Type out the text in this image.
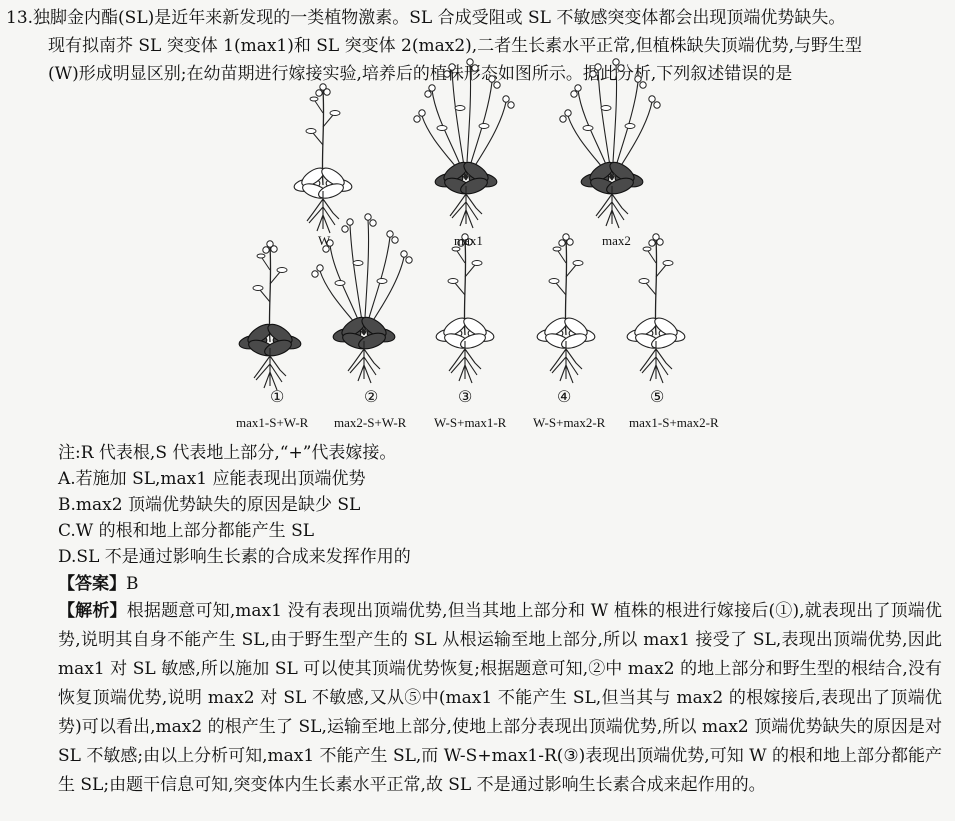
13.独脚金内酯(SL)是近年来新发现的一类植物激素。SL 合成受阻或 SL 不敏感突变体都会出现顶端优势缺失。
现有拟南芥 SL 突变体 1(max1)和 SL 突变体 2(max2),二者生长素水平正常,但植株缺失顶端优势,与野生型
(W)形成明显区别;在幼苗期进行嫁接实验,培养后的植株形态如图所示。据此分析,下列叙述错误的是
W	max1	max2
①	②	③	④	⑤
max1-S+W-R max2-S+W-R W-S+max1-R W-S+max2-R max1-S+max2-R
注:R 代表根,S 代表地上部分,“+”代表嫁接。
A.若施加 SL,max1 应能表现出顶端优势
B.max2 顶端优势缺失的原因是缺少 SL
C.W 的根和地上部分都能产生 SL
D.SL 不是通过影响生长素的合成来发挥作用的
【答案】B
【解析】根据题意可知,max1 没有表现出顶端优势,但当其地上部分和 W 植株的根进行嫁接后(①),就表现出了顶端优势,说明其自身不能产生 SL,由于野生型产生的 SL 从根运输至地上部分,所以 max1 接受了 SL,表现出顶端优势,因此 max1 对 SL 敏感,所以施加 SL 可以使其顶端优势恢复;根据题意可知,②中 max2 的地上部分和野生型的根结合,没有恢复顶端优势,说明 max2 对 SL 不敏感,又从⑤中(max1 不能产生 SL,但当其与 max2 的根嫁接后,表现出了顶端优势)可以看出,max2 的根产生了 SL,运输至地上部分,使地上部分表现出顶端优势,所以 max2 顶端优势缺失的原因是对 SL 不敏感;由以上分析可知,max1 不能产生 SL,而 W-S+max1-R(③)表现出顶端优势,可知 W 的根和地上部分都能产生 SL;由题干信息可知,突变体内生长素水平正常,故 SL 不是通过影响生长素合成来起作用的。
